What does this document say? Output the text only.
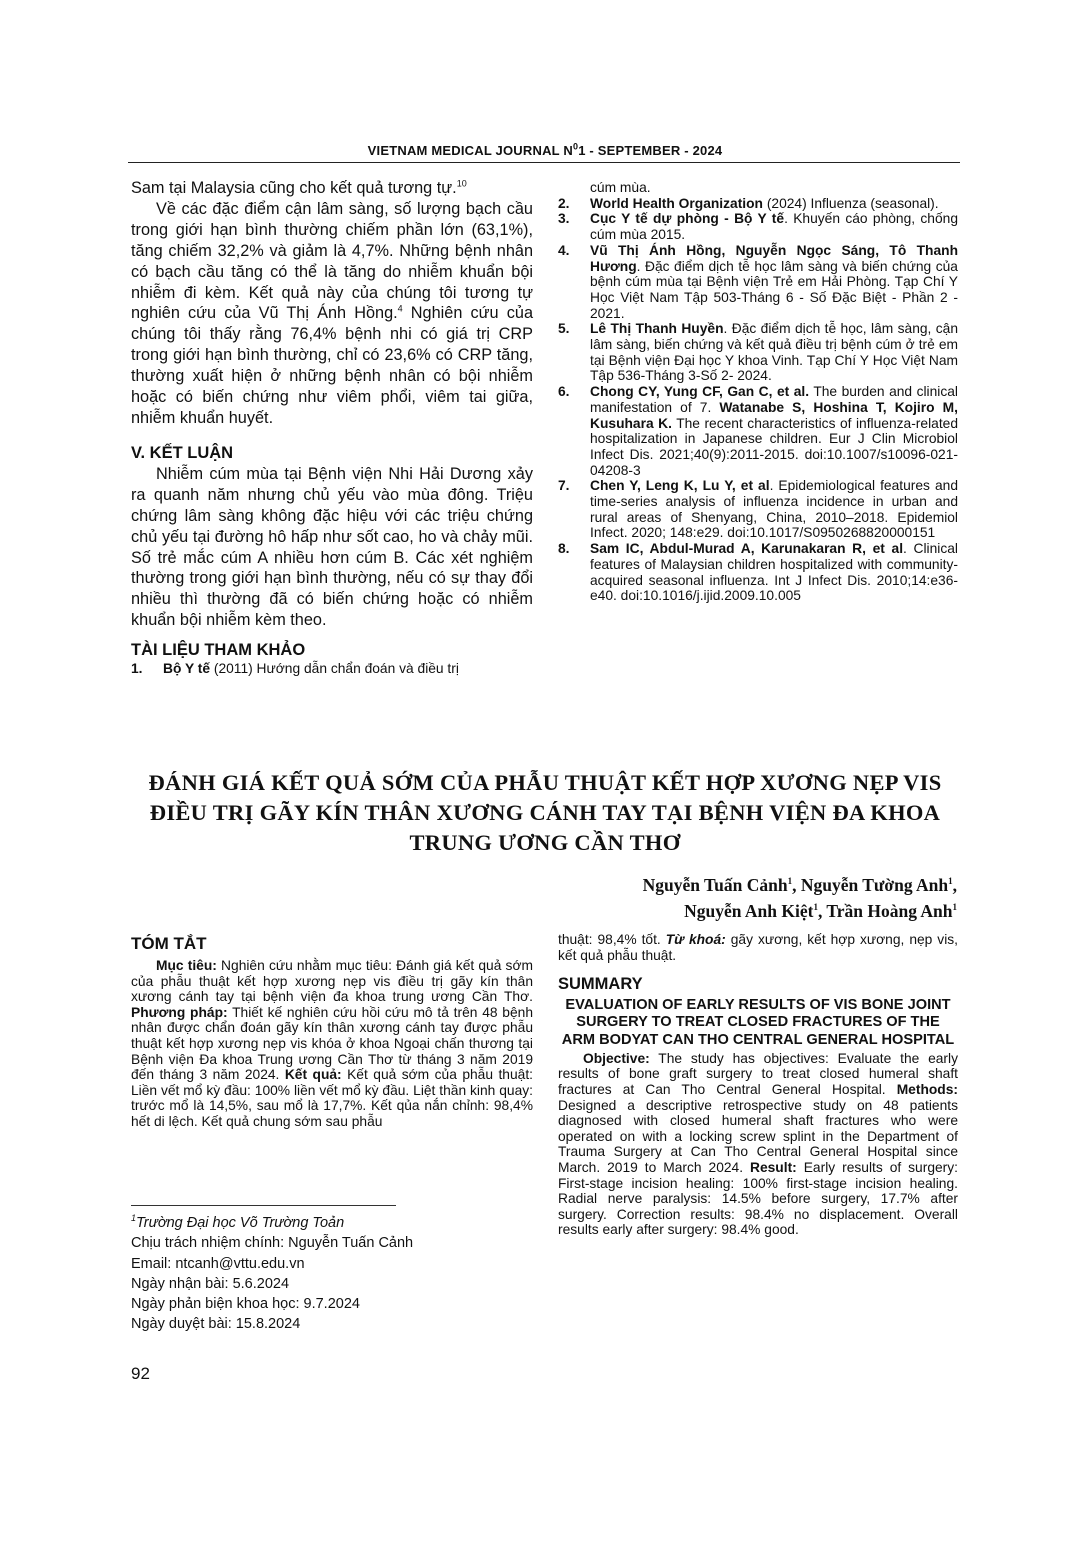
VIETNAM MEDICAL JOURNAL $N^01$ - SEPTEMBER - 2024

Sam tại Malaysia cũng cho kết quả tương tự.$^{10}$

Về các đặc điểm cận lâm sàng, số lượng bạch cầu trong giới hạn bình thường chiếm phần lớn (63,1%), tăng chiếm 32,2% và giảm là 4,7%. Những bệnh nhân có bạch cầu tăng có thể là tăng do nhiễm khuẩn bội nhiễm đi kèm. Kết quả này của chúng tôi tương tự nghiên cứu của Vũ Thị Ánh Hồng.$^4$ Nghiên cứu của chúng tôi thấy rằng 76,4% bệnh nhi có giá trị CRP trong giới hạn bình thường, chỉ có 23,6% có CRP tăng, thường xuất hiện ở những bệnh nhân có bội nhiễm hoặc có biến chứng như viêm phổi, viêm tai giữa, nhiễm khuẩn huyết.

V. KẾT LUẬN

Nhiễm cúm mùa tại Bệnh viện Nhi Hải Dương xảy ra quanh năm nhưng chủ yếu vào mùa đông. Triệu chứng lâm sàng không đặc hiệu với các triệu chứng chủ yếu tại đường hô hấp như sốt cao, ho và chảy mũi. Số trẻ mắc cúm A nhiều hơn cúm B. Các xét nghiệm thường trong giới hạn bình thường, nếu có sự thay đổi nhiều thì thường đã có biến chứng hoặc có nhiễm khuẩn bội nhiễm kèm theo.

TÀI LIỆU THAM KHẢO
1.	Bộ Y tế (2011) Hướng dẫn chẩn đoán và điều trị
cúm mùa.
2.	World Health Organization (2024) Influenza (seasonal).
3.	Cục Y tế dự phòng - Bộ Y tế. Khuyến cáo phòng, chống cúm mùa 2015.
4.	Vũ Thị Ánh Hồng, Nguyễn Ngọc Sáng, Tô Thanh Hương. Đặc điểm dịch tễ học lâm sàng và biến chứng của bệnh cúm mùa tại Bệnh viện Trẻ em Hải Phòng. Tạp Chí Y Học Việt Nam Tập 503-Tháng 6 - Số Đặc Biệt - Phần 2 - 2021.
5.	Lê Thị Thanh Huyền. Đặc điểm dịch tễ học, lâm sàng, cận lâm sàng, biến chứng và kết quả điều trị bệnh cúm ở trẻ em tại Bệnh viện Đại học Y khoa Vinh. Tạp Chí Y Học Việt Nam Tập 536-Tháng 3-Số 2- 2024.
6.	Chong CY, Yung CF, Gan C, et al. The burden and clinical manifestation of 7. Watanabe S, Hoshina T, Kojiro M, Kusuhara K. The recent characteristics of influenza-related hospitalization in Japanese children. Eur J Clin Microbiol Infect Dis. 2021;40(9):2011-2015. doi:10.1007/s10096-021-04208-3
7.	Chen Y, Leng K, Lu Y, et al. Epidemiological features and time-series analysis of influenza incidence in urban and rural areas of Shenyang, China, 2010–2018. Epidemiol Infect. 2020; 148:e29. doi:10.1017/S0950268820000151
8.	Sam IC, Abdul-Murad A, Karunakaran R, et al. Clinical features of Malaysian children hospitalized with community-acquired seasonal influenza. Int J Infect Dis. 2010;14:e36-e40. doi:10.1016/j.ijid.2009.10.005
ĐÁNH GIÁ KẾT QUẢ SỚM CỦA PHẪU THUẬT KẾT HỢP XƯƠNG NẸP VIS
ĐIỀU TRỊ GÃY KÍN THÂN XƯƠNG CÁNH TAY TẠI BỆNH VIỆN ĐA KHOA
TRUNG ƯƠNG CẦN THƠ
Nguyễn Tuấn Cảnh$^1$, Nguyễn Tường Anh$^1$,
Nguyễn Anh Kiệt$^1$, Trần Hoàng Anh$^1$
TÓM TẮT

Mục tiêu: Nghiên cứu nhằm mục tiêu: Đánh giá kết quả sớm của phẫu thuật kết hợp xương nẹp vis điều trị gãy kín thân xương cánh tay tại bệnh viện đa khoa trung ương Cần Thơ. Phương pháp: Thiết kế nghiên cứu hồi cứu mô tả trên 48 bệnh nhân được chẩn đoán gãy kín thân xương cánh tay được phẫu thuật kết hợp xương nẹp vis khóa ở khoa Ngoại chấn thương tại Bệnh viện Đa khoa Trung ương Cần Thơ từ tháng 3 năm 2019 đến tháng 3 năm 2024. Kết quả: Kết quả sớm của phẫu thuật: Liền vết mổ kỳ đầu: 100% liền vết mổ kỳ đầu. Liệt thần kinh quay: trước mổ là 14,5%, sau mổ là 17,7%. Kết qủa nắn chỉnh: 98,4% hết di lệch. Kết quả chung sớm sau phẫu

thuật: 98,4% tốt. Từ khoá: gãy xương, kết hợp xương, nẹp vis, kết quả phẫu thuật.

SUMMARY
EVALUATION OF EARLY RESULTS OF VIS BONE JOINT SURGERY TO TREAT CLOSED FRACTURES OF THE ARM BODYAT CAN THO CENTRAL GENERAL HOSPITAL

Objective: The study has objectives: Evaluate the early results of bone graft surgery to treat closed humeral shaft fractures at Can Tho Central General Hospital. Methods: Designed a descriptive retrospective study on 48 patients diagnosed with closed humeral shaft fractures who were operated on with a locking screw splint in the Department of Trauma Surgery at Can Tho Central General Hospital since March. 2019 to March 2024. Result: Early results of surgery: First-stage incision healing: 100% first-stage incision healing. Radial nerve paralysis: 14.5% before surgery, 17.7% after surgery. Correction results: 98.4% no displacement. Overall results early after surgery: 98.4% good.

$^1$Trường Đại học Võ Trường Toản
Chịu trách nhiệm chính: Nguyễn Tuấn Cảnh
Email: ntcanh@vttu.edu.vn
Ngày nhận bài: 5.6.2024
Ngày phản biện khoa học: 9.7.2024
Ngày duyệt bài: 15.8.2024
92
